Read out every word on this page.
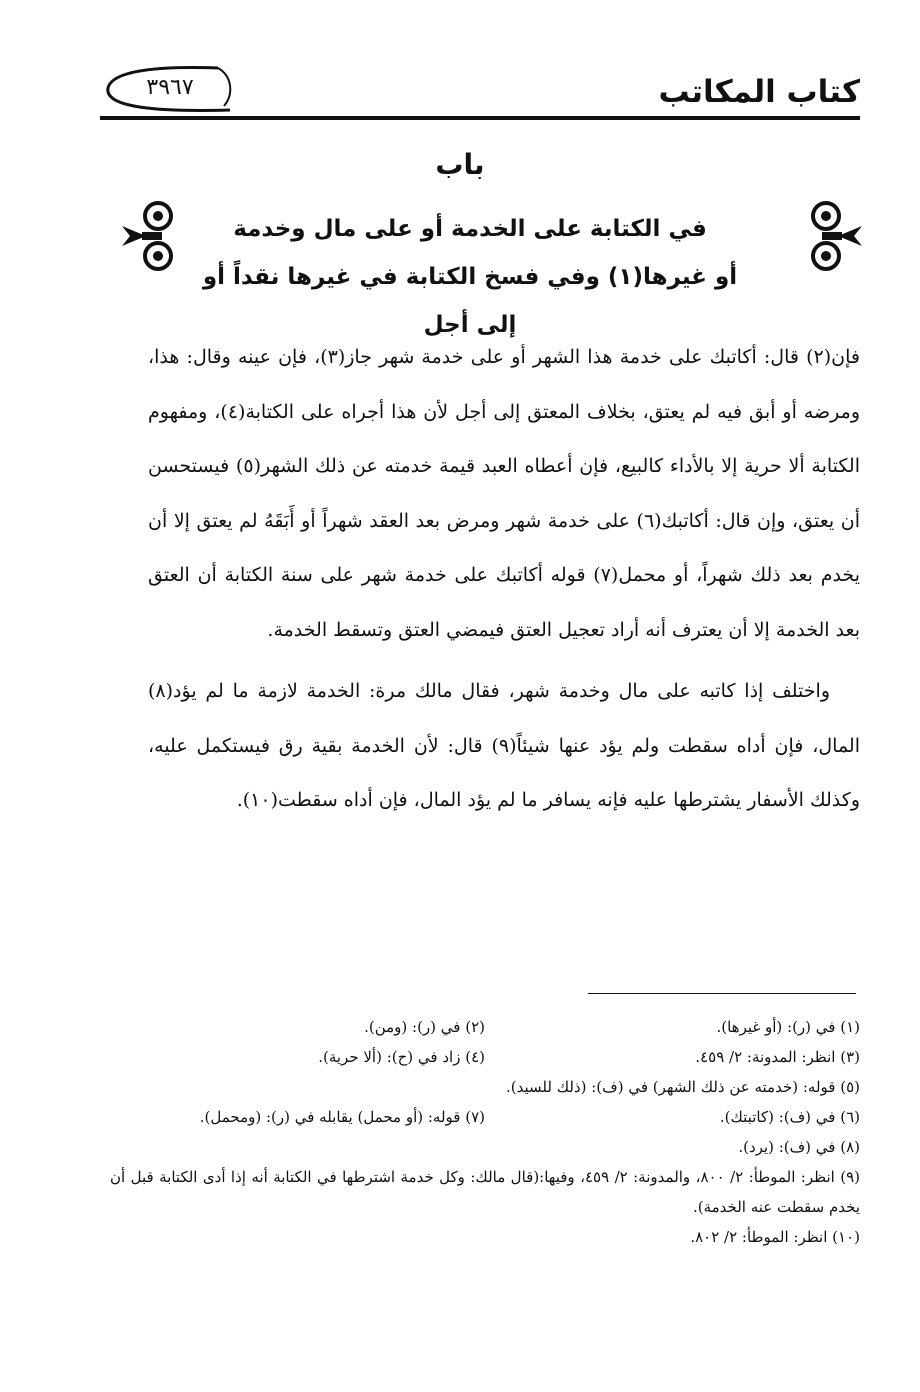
كتاب المكاتب
٣٩٦٧
باب
في الكتابة على الخدمة أو على مال وخدمة
أو غيرها(١) وفي فسخ الكتابة في غيرها نقداً أو إلى أجل

فإن(٢) قال: أكاتبك على خدمة هذا الشهر أو على خدمة شهر جاز(٣)، فإن عينه وقال: هذا، ومرضه أو أبق فيه لم يعتق، بخلاف المعتق إلى أجل لأن هذا أجراه على الكتابة(٤)، ومفهوم الكتابة ألا حرية إلا بالأداء كالبيع، فإن أعطاه العبد قيمة خدمته عن ذلك الشهر(٥) فيستحسن أن يعتق، وإن قال: أكاتبك(٦) على خدمة شهر ومرض بعد العقد شهراً أو أَبَقَهُ لم يعتق إلا أن يخدم بعد ذلك شهراً، أو محمل(٧) قوله أكاتبك على خدمة شهر على سنة الكتابة أن العتق بعد الخدمة إلا أن يعترف أنه أراد تعجيل العتق فيمضي العتق وتسقط الخدمة.

واختلف إذا كاتبه على مال وخدمة شهر، فقال مالك مرة: الخدمة لازمة ما لم يؤد(٨) المال، فإن أداه سقطت ولم يؤد عنها شيئاً(٩) قال: لأن الخدمة بقية رق فيستكمل عليه، وكذلك الأسفار يشترطها عليه فإنه يسافر ما لم يؤد المال، فإن أداه سقطت(١٠).

(١) في (ر): (أو غيرها).
(٢) في (ر): (ومن).
(٣) انظر: المدونة: ٢/ ٤٥٩.
(٤) زاد في (ح): (ألا حرية).
(٥) قوله: (خدمته عن ذلك الشهر) في (ف): (ذلك للسيد).
(٦) في (ف): (كاتبتك).
(٧) قوله: (أو محمل) يقابله في (ر): (ومحمل).
(٨) في (ف): (يرد).
(٩) انظر: الموطأ: ٢/ ٨٠٠، والمدونة: ٢/ ٤٥٩، وفيها:(قال مالك: وكل خدمة اشترطها في الكتابة أنه إذا أدى الكتابة قبل أن يخدم سقطت عنه الخدمة).
(١٠) انظر: الموطأ: ٢/ ٨٠٢.
